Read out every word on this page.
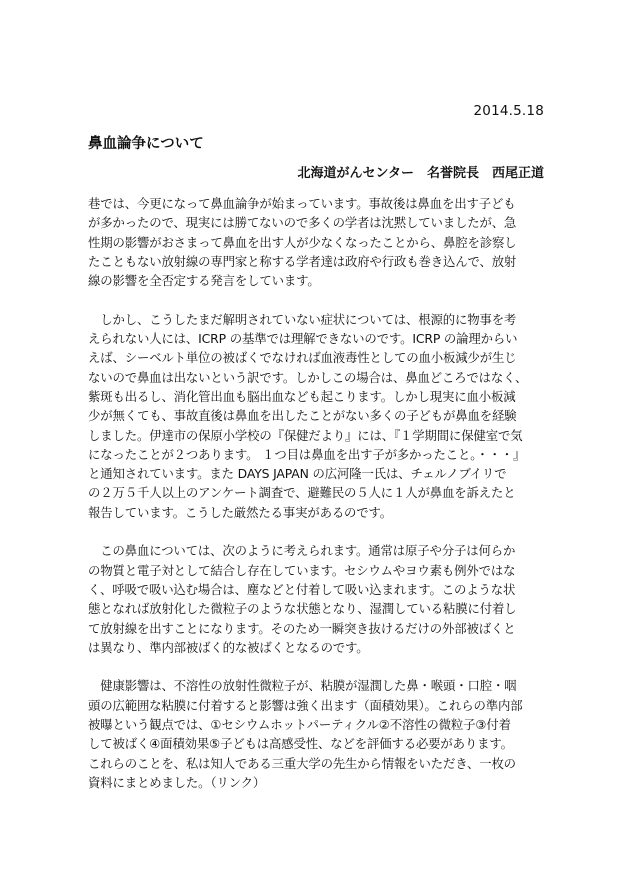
2014.5.18
鼻血論争について
北海道がんセンター　名誉院長　西尾正道

巷では、今更になって鼻血論争が始まっています。事故後は鼻血を出す子ども
が多かったので、現実には勝てないので多くの学者は沈黙していましたが、急
性期の影響がおさまって鼻血を出す人が少なくなったことから、鼻腔を診察し
たこともない放射線の専門家と称する学者達は政府や行政も巻き込んで、放射
線の影響を全否定する発言をしています。

　しかし、こうしたまだ解明されていない症状については、根源的に物事を考
えられない人には、ICRP の基準では理解できないのです。ICRP の論理からい
えば、シーベルト単位の被ばくでなければ血液毒性としての血小板減少が生じ
ないので鼻血は出ないという訳です。しかしこの場合は、鼻血どころではなく、
紫斑も出るし、消化管出血も脳出血なども起こります。しかし現実に血小板減
少が無くても、事故直後は鼻血を出したことがない多くの子どもが鼻血を経験
しました。伊達市の保原小学校の『保健だより』には、『１学期間に保健室で気
になったことが２つあります。 １つ目は鼻血を出す子が多かったこと。・・・』
と通知されています。また DAYS JAPAN の広河隆一氏は、チェルノブイリで
の２万５千人以上のアンケート調査で、避難民の５人に１人が鼻血を訴えたと
報告しています。こうした厳然たる事実があるのです。

　この鼻血については、次のように考えられます。通常は原子や分子は何らか
の物質と電子対として結合し存在しています。セシウムやヨウ素も例外ではな
く、呼吸で吸い込む場合は、塵などと付着して吸い込まれます。このような状
態となれば放射化した微粒子のような状態となり、湿潤している粘膜に付着し
て放射線を出すことになります。そのため一瞬突き抜けるだけの外部被ばくと
は異なり、準内部被ばく的な被ばくとなるのです。

　健康影響は、不溶性の放射性微粒子が、粘膜が湿潤した鼻・喉頭・口腔・咽
頭の広範囲な粘膜に付着すると影響は強く出ます（面積効果）。これらの準内部
被曝という観点では、①セシウムホットパーティクル②不溶性の微粒子③付着
して被ばく④面積効果⑤子どもは高感受性、などを評価する必要があります。
これらのことを、私は知人である三重大学の先生から情報をいただき、一枚の
資料にまとめました。（リンク）
